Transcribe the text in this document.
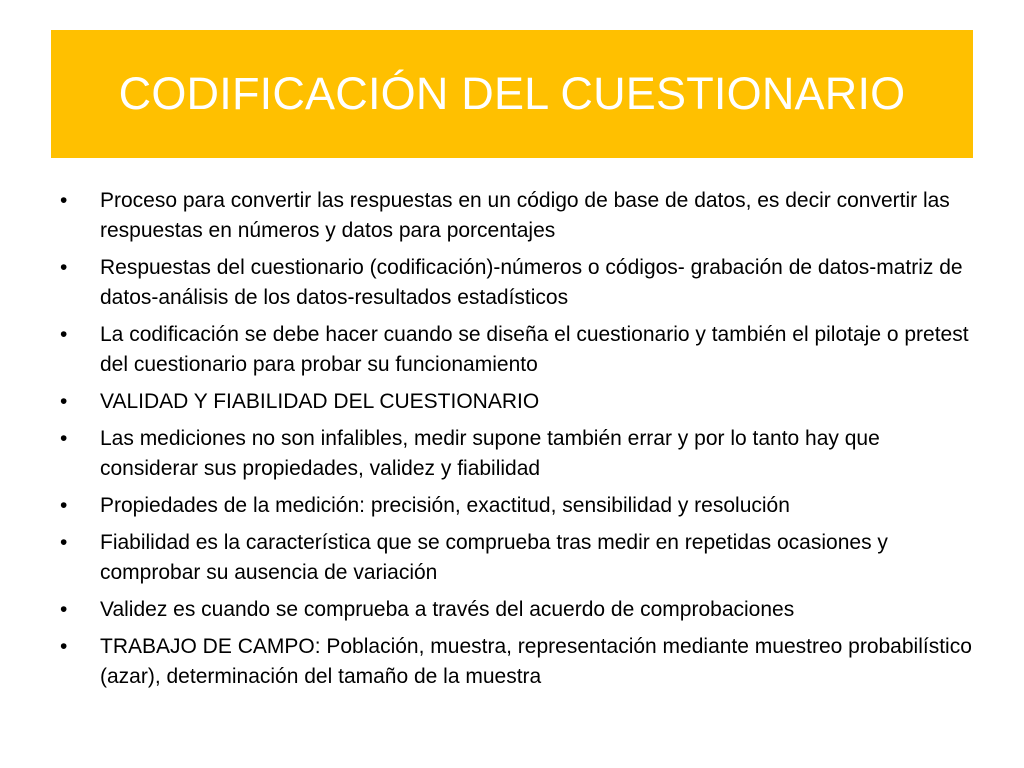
CODIFICACIÓN DEL CUESTIONARIO
•	Proceso para convertir las respuestas en un código de base de datos, es decir convertir las respuestas en números y datos para porcentajes
•	Respuestas del cuestionario (codificación)-números o códigos- grabación de datos-matriz de datos-análisis de los datos-resultados estadísticos
•	La codificación se debe hacer cuando se diseña el cuestionario y también el pilotaje o pretest del cuestionario para probar su funcionamiento
•	VALIDAD Y FIABILIDAD DEL CUESTIONARIO
•	Las mediciones no son infalibles, medir supone también errar y por lo tanto hay que considerar sus propiedades, validez y fiabilidad
•	Propiedades de la medición: precisión, exactitud, sensibilidad y resolución
•	Fiabilidad es la característica que se comprueba tras medir en repetidas ocasiones y comprobar su ausencia de variación
•	Validez es cuando se comprueba a través del acuerdo de comprobaciones
•	TRABAJO DE CAMPO: Población, muestra, representación mediante muestreo probabilístico (azar), determinación del tamaño de la muestra
